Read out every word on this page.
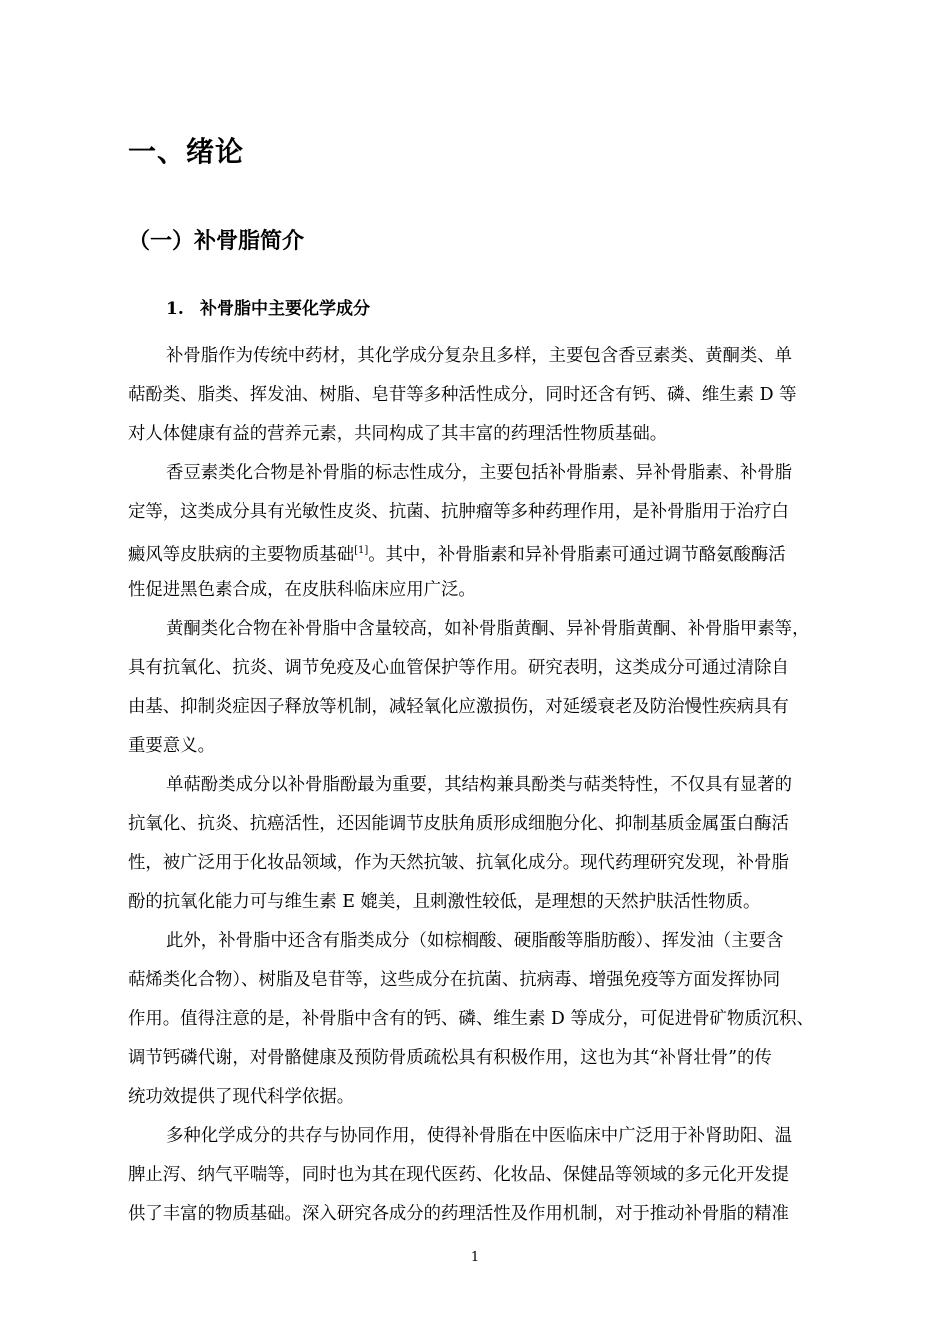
一、绪论
（一）补骨脂简介
1. 补骨脂中主要化学成分
补骨脂作为传统中药材，其化学成分复杂且多样，主要包含香豆素类、黄酮类、单
萜酚类、脂类、挥发油、树脂、皂苷等多种活性成分，同时还含有钙、磷、维生素 D 等
对人体健康有益的营养元素，共同构成了其丰富的药理活性物质基础。
香豆素类化合物是补骨脂的标志性成分，主要包括补骨脂素、异补骨脂素、补骨脂
定等，这类成分具有光敏性皮炎、抗菌、抗肿瘤等多种药理作用，是补骨脂用于治疗白
癜风等皮肤病的主要物质基础[1]。其中，补骨脂素和异补骨脂素可通过调节酪氨酸酶活
性促进黑色素合成，在皮肤科临床应用广泛。
黄酮类化合物在补骨脂中含量较高，如补骨脂黄酮、异补骨脂黄酮、补骨脂甲素等，
具有抗氧化、抗炎、调节免疫及心血管保护等作用。研究表明，这类成分可通过清除自
由基、抑制炎症因子释放等机制，减轻氧化应激损伤，对延缓衰老及防治慢性疾病具有
重要意义。
单萜酚类成分以补骨脂酚最为重要，其结构兼具酚类与萜类特性，不仅具有显著的
抗氧化、抗炎、抗癌活性，还因能调节皮肤角质形成细胞分化、抑制基质金属蛋白酶活
性，被广泛用于化妆品领域，作为天然抗皱、抗氧化成分。现代药理研究发现，补骨脂
酚的抗氧化能力可与维生素 E 媲美，且刺激性较低，是理想的天然护肤活性物质。
此外，补骨脂中还含有脂类成分（如棕榈酸、硬脂酸等脂肪酸）、挥发油（主要含
萜烯类化合物）、树脂及皂苷等，这些成分在抗菌、抗病毒、增强免疫等方面发挥协同
作用。值得注意的是，补骨脂中含有的钙、磷、维生素 D 等成分，可促进骨矿物质沉积、
调节钙磷代谢，对骨骼健康及预防骨质疏松具有积极作用，这也为其“补肾壮骨”的传
统功效提供了现代科学依据。
多种化学成分的共存与协同作用，使得补骨脂在中医临床中广泛用于补肾助阳、温
脾止泻、纳气平喘等，同时也为其在现代医药、化妆品、保健品等领域的多元化开发提
供了丰富的物质基础。深入研究各成分的药理活性及作用机制，对于推动补骨脂的精准
1
